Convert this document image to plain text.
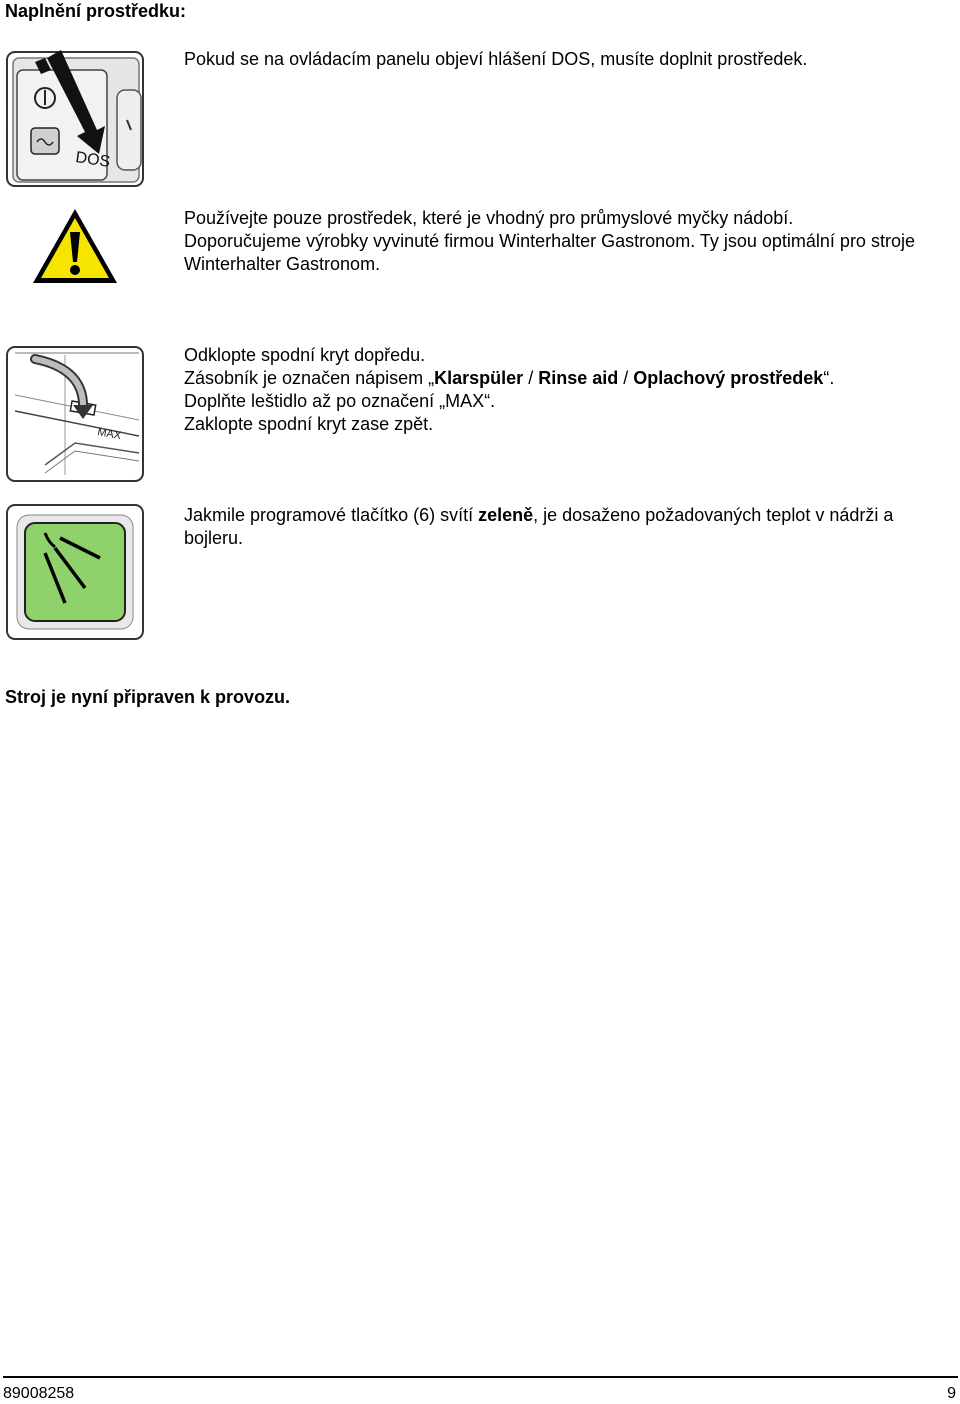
Naplnění prostředku:
DOS
Pokud se na ovládacím panelu objeví hlášení DOS, musíte doplnit prostředek.

Používejte pouze prostředek, které je vhodný pro průmyslové myčky nádobí.

Doporučujeme výrobky vyvinuté firmou Winterhalter Gastronom. Ty jsou optimální pro stroje Winterhalter Gastronom.

MAX

Odklopte spodní kryt dopředu.

Zásobník je označen nápisem „Klarspüler / Rinse aid / Oplachový prostředek“.

Doplňte leštidlo až po označení „MAX“.

Zaklopte spodní kryt zase zpět.

Jakmile programové tlačítko (6) svítí zeleně, je dosaženo požadovaných teplot v nádrži a bojleru.

Stroj je nyní připraven k provozu.
89008258	9
